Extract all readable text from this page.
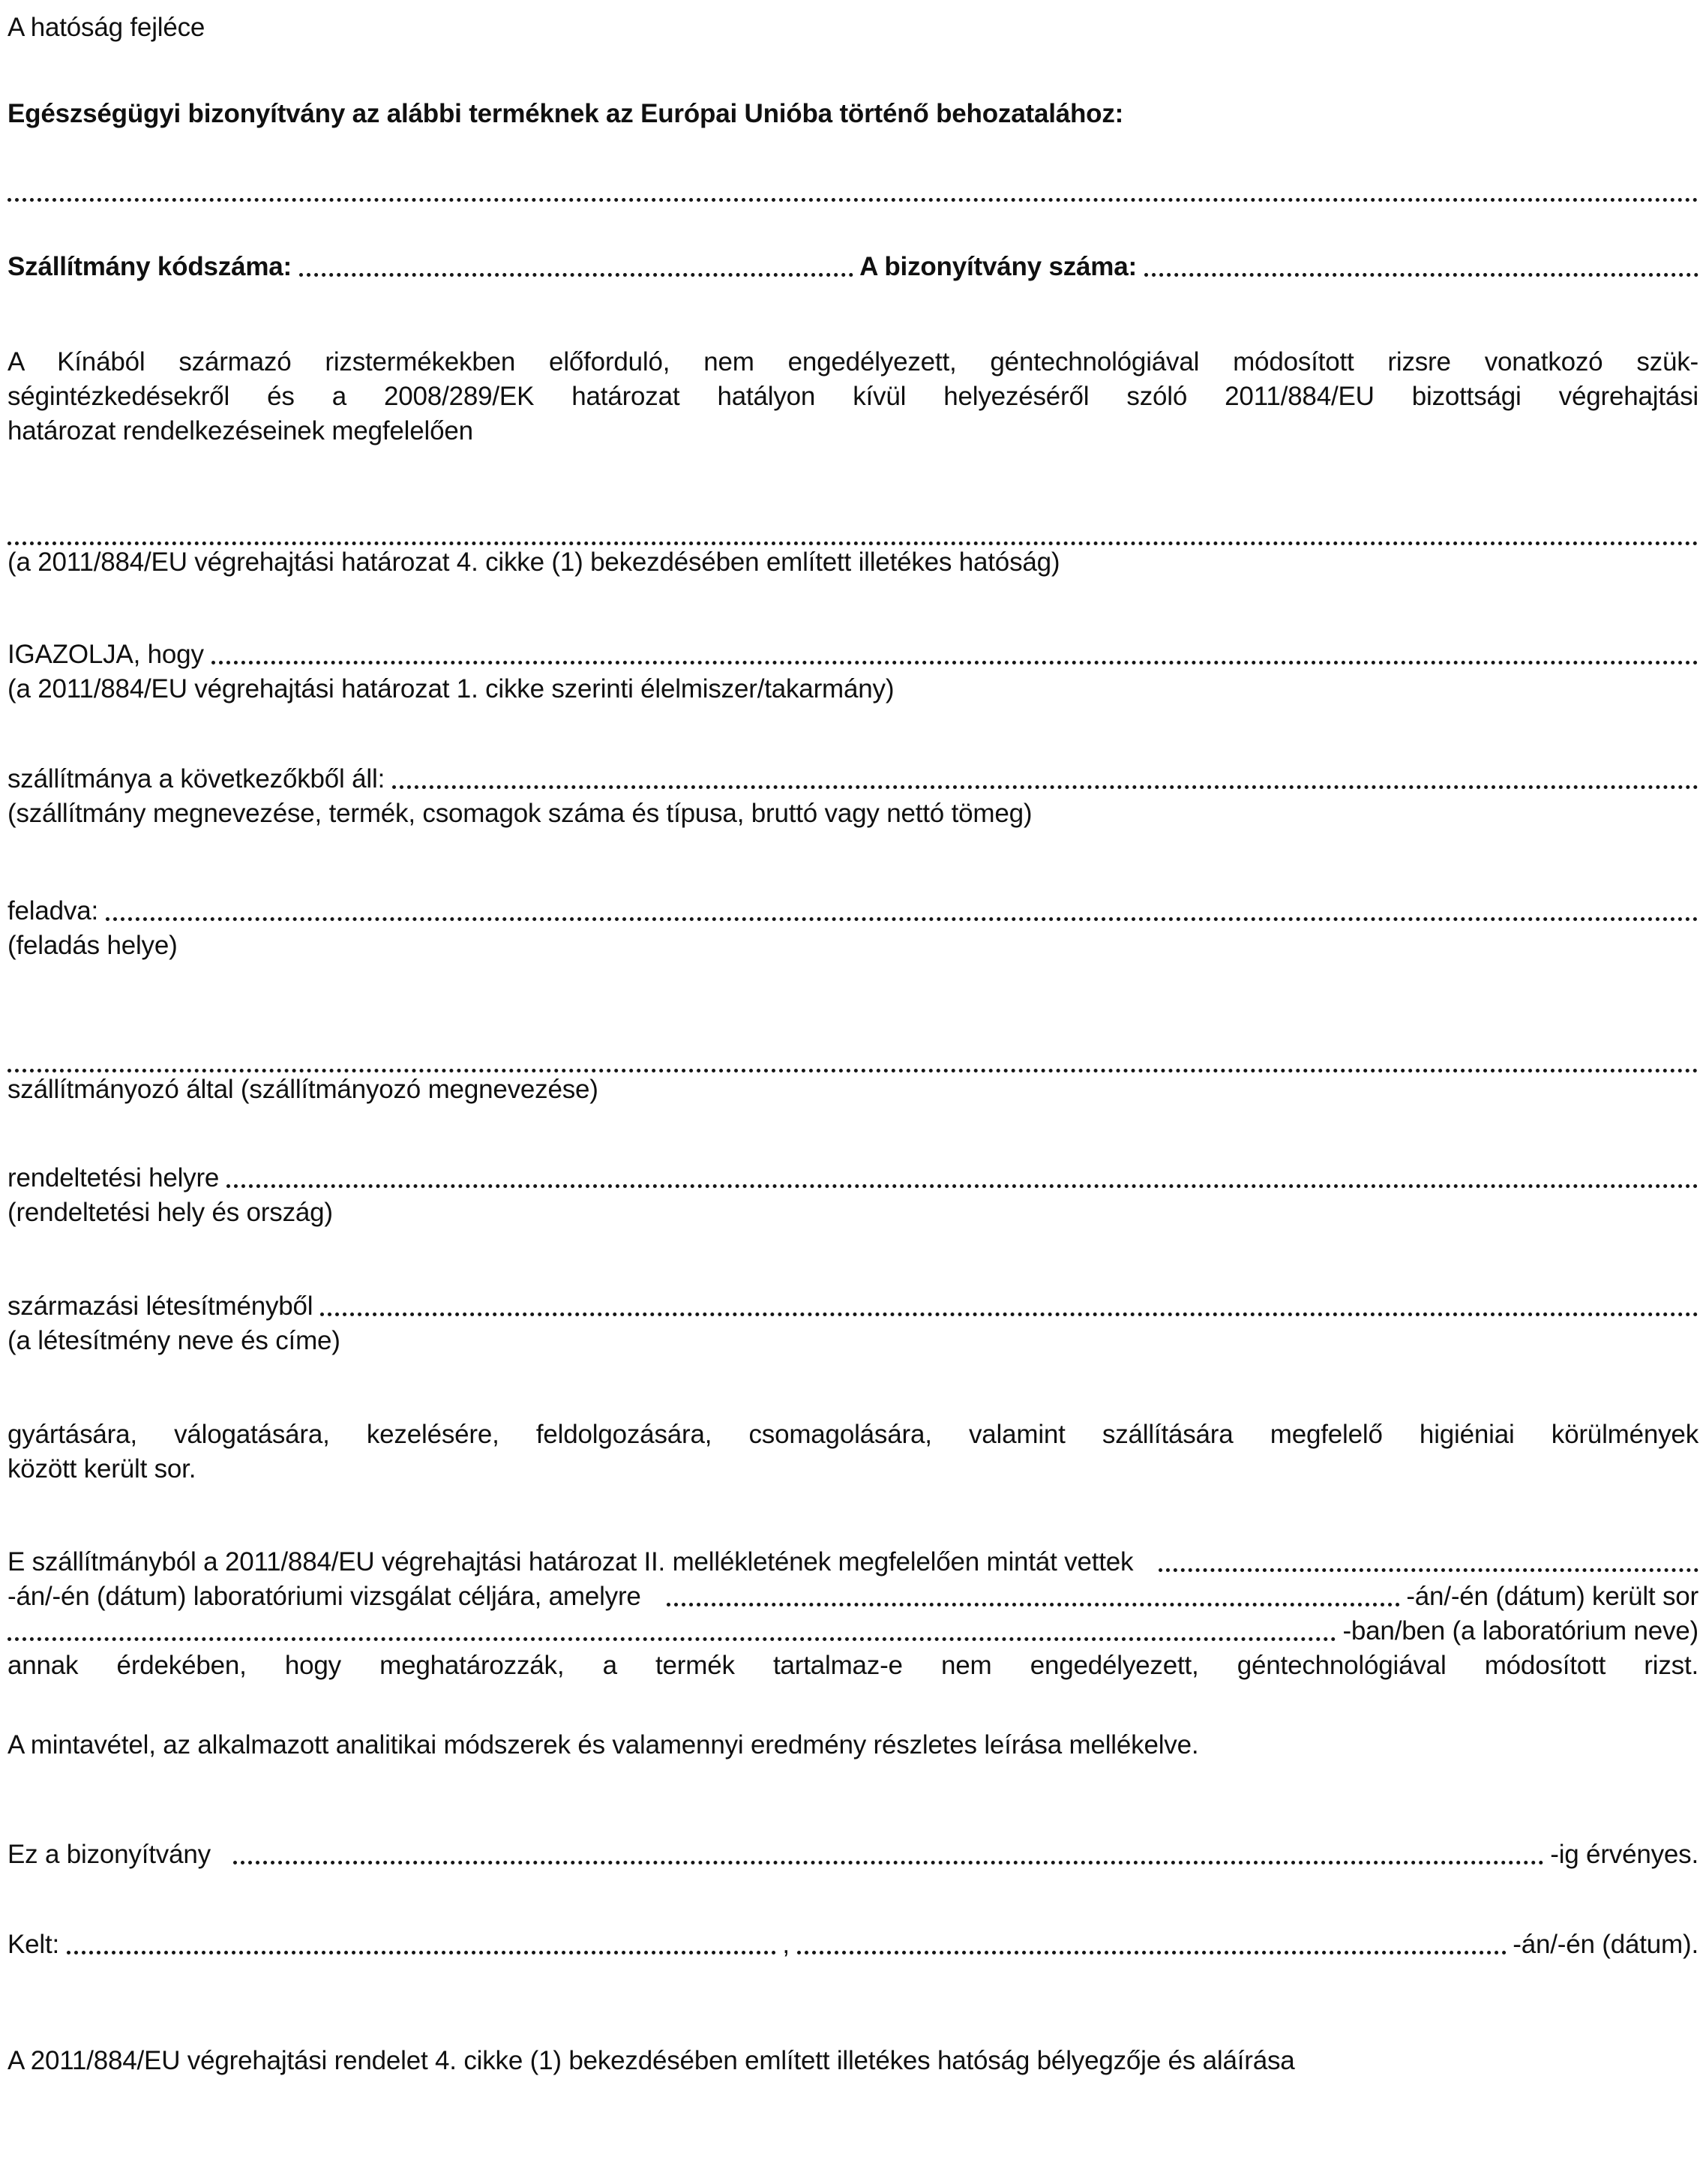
A hatóság fejléce
Egészségügyi bizonyítvány az alábbi terméknek az Európai Unióba történő behozatalához:
Szállítmány kódszáma:	A bizonyítvány száma:
A Kínából származó rizstermékekben előforduló, nem engedélyezett, géntechnológiával módosított rizsre vonatkozó szük-
ségintézkedésekről és a 2008/289/EK határozat hatályon kívül helyezéséről szóló 2011/884/EU bizottsági végrehajtási
határozat rendelkezéseinek megfelelően
(a 2011/884/EU végrehajtási határozat 4. cikke (1) bekezdésében említett illetékes hatóság)
IGAZOLJA, hogy
(a 2011/884/EU végrehajtási határozat 1. cikke szerinti élelmiszer/takarmány)
szállítmánya a következőkből áll:
(szállítmány megnevezése, termék, csomagok száma és típusa, bruttó vagy nettó tömeg)
feladva:
(feladás helye)
szállítmányozó által (szállítmányozó megnevezése)
rendeltetési helyre
(rendeltetési hely és ország)
származási létesítményből
(a létesítmény neve és címe)
gyártására, válogatására, kezelésére, feldolgozására, csomagolására, valamint szállítására megfelelő higiéniai körülmények
között került sor.
E szállítmányból a 2011/884/EU végrehajtási határozat II. mellékletének megfelelően mintát vettek
-án/-én (dátum) laboratóriumi vizsgálat céljára, amelyre	-án/-én (dátum) került sor
-ban/ben (a laboratórium neve)
annak érdekében, hogy meghatározzák, a termék tartalmaz-e nem engedélyezett, géntechnológiával módosított rizst.
A mintavétel, az alkalmazott analitikai módszerek és valamennyi eredmény részletes leírása mellékelve.
Ez a bizonyítvány	-ig érvényes.
Kelt:	,	-án/-én (dátum).
A 2011/884/EU végrehajtási rendelet 4. cikke (1) bekezdésében említett illetékes hatóság bélyegzője és aláírása
